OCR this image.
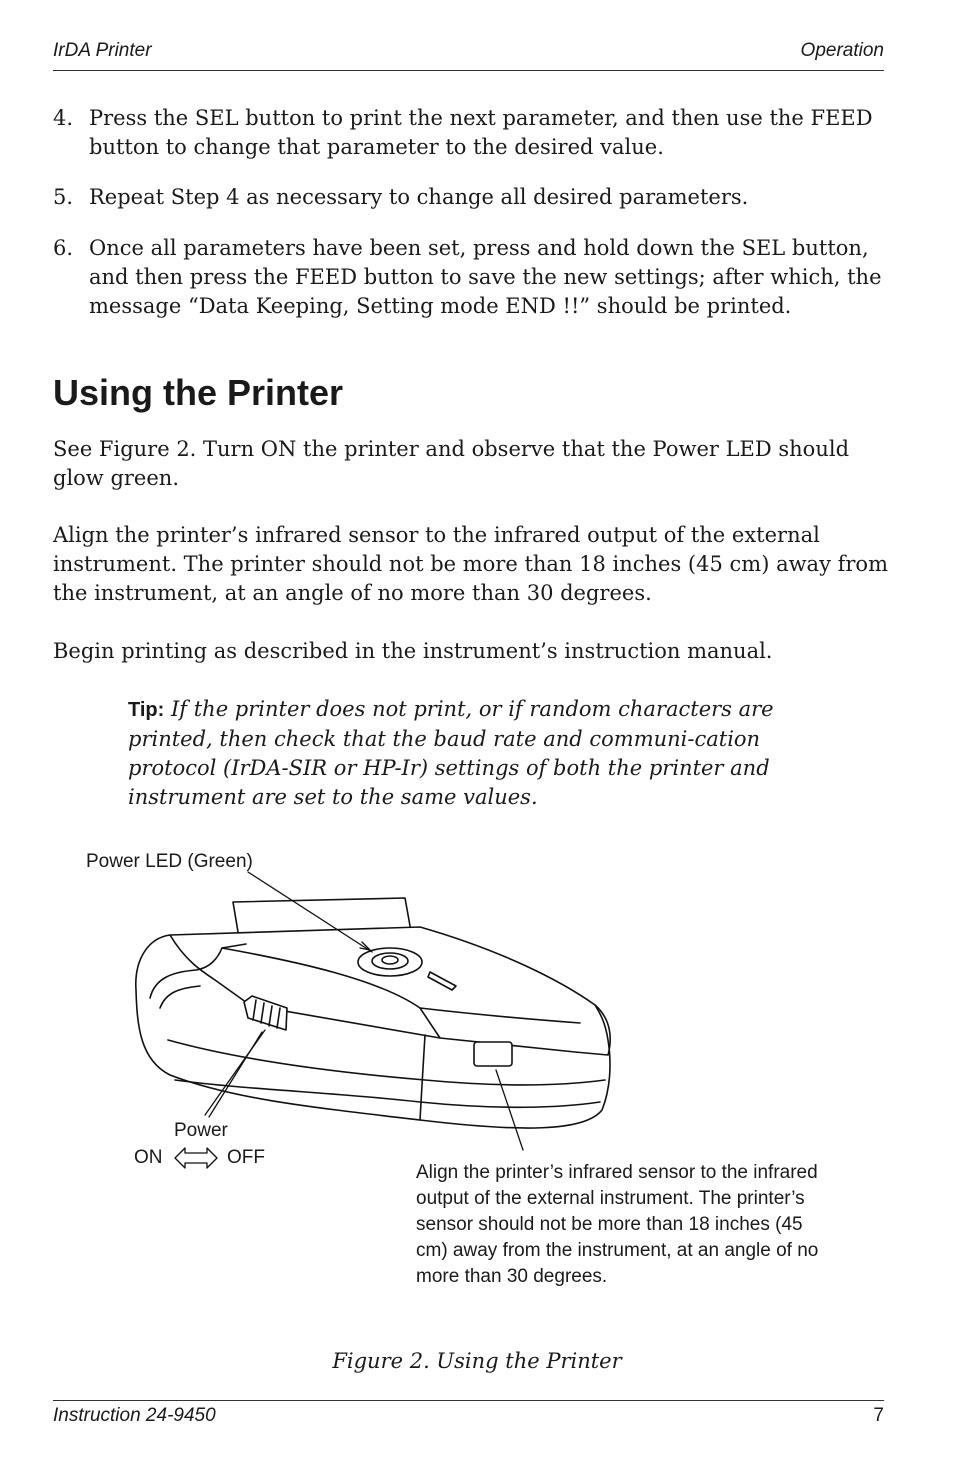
IrDA Printer	Operation
4. Press the SEL button to print the next parameter, and then use the FEED button to change that parameter to the desired value.
5. Repeat Step 4 as necessary to change all desired parameters.
6. Once all parameters have been set, press and hold down the SEL button, and then press the FEED button to save the new settings; after which, the message “Data Keeping, Setting mode END !!” should be printed.
Using the Printer

See Figure 2. Turn ON the printer and observe that the Power LED should glow green.

Align the printer’s infrared sensor to the infrared output of the external instrument. The printer should not be more than 18 inches (45 cm) away from the instrument, at an angle of no more than 30 degrees.

Begin printing as described in the instrument’s instruction manual.

Tip: If the printer does not print, or if random characters are printed, then check that the baud rate and communi-cation protocol (IrDA-SIR or HP-Ir) settings of both the printer and instrument are set to the same values.
Power LED (Green)
Power
ON	OFF
Align the printer’s infrared sensor to the infrared output of the external instrument. The printer’s sensor should not be more than 18 inches (45 cm) away from the instrument, at an angle of no more than 30 degrees.
Figure 2. Using the Printer
Instruction 24-9450	7
